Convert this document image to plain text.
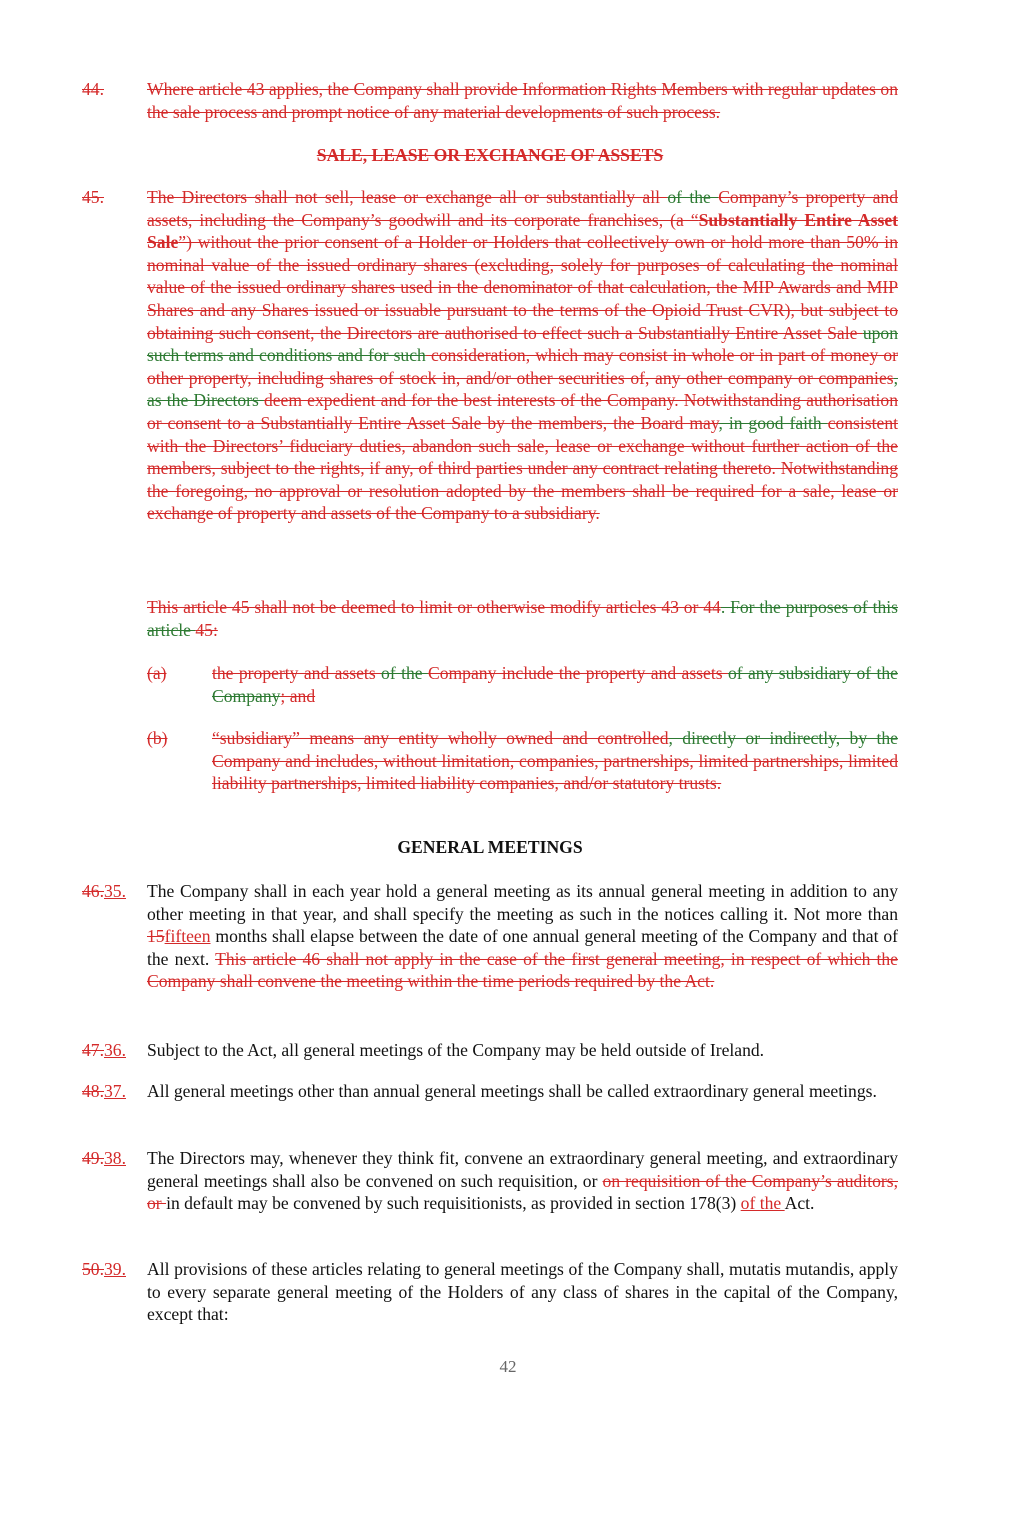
44. Where article 43 applies, the Company shall provide Information Rights Members with regular updates on the sale process and prompt notice of any material developments of such process.
SALE, LEASE OR EXCHANGE OF ASSETS
45. The Directors shall not sell, lease or exchange all or substantially all of the Company’s property and assets, including the Company’s goodwill and its corporate franchises, (a “Substantially Entire Asset Sale”) without the prior consent of a Holder or Holders that collectively own or hold more than 50% in nominal value of the issued ordinary shares (excluding, solely for purposes of calculating the nominal value of the issued ordinary shares used in the denominator of that calculation, the MIP Awards and MIP Shares and any Shares issued or issuable pursuant to the terms of the Opioid Trust CVR), but subject to obtaining such consent, the Directors are authorised to effect such a Substantially Entire Asset Sale upon such terms and conditions and for such consideration, which may consist in whole or in part of money or other property, including shares of stock in, and/or other securities of, any other company or companies, as the Directors deem expedient and for the best interests of the Company. Notwithstanding authorisation or consent to a Substantially Entire Asset Sale by the members, the Board may, in good faith consistent with the Directors’ fiduciary duties, abandon such sale, lease or exchange without further action of the members, subject to the rights, if any, of third parties under any contract relating thereto. Notwithstanding the foregoing, no approval or resolution adopted by the members shall be required for a sale, lease or exchange of property and assets of the Company to a subsidiary.
This article 45 shall not be deemed to limit or otherwise modify articles 43 or 44. For the purposes of this article 45:
(a)	the property and assets of the Company include the property and assets of any subsidiary of the Company; and
(b)	“subsidiary” means any entity wholly owned and controlled, directly or indirectly, by the Company and includes, without limitation, companies, partnerships, limited partnerships, limited liability partnerships, limited liability companies, and/or statutory trusts.
GENERAL MEETINGS
46.35. The Company shall in each year hold a general meeting as its annual general meeting in addition to any other meeting in that year, and shall specify the meeting as such in the notices calling it. Not more than 15fifteen months shall elapse between the date of one annual general meeting of the Company and that of the next. This article 46 shall not apply in the case of the first general meeting, in respect of which the Company shall convene the meeting within the time periods required by the Act.
47.36. Subject to the Act, all general meetings of the Company may be held outside of Ireland.
48.37. All general meetings other than annual general meetings shall be called extraordinary general meetings.
49.38. The Directors may, whenever they think fit, convene an extraordinary general meeting, and extraordinary general meetings shall also be convened on such requisition, or on requisition of the Company’s auditors, or in default may be convened by such requisitionists, as provided in section 178(3) of the Act.
50.39. All provisions of these articles relating to general meetings of the Company shall, mutatis mutandis, apply to every separate general meeting of the Holders of any class of shares in the capital of the Company, except that:
42
